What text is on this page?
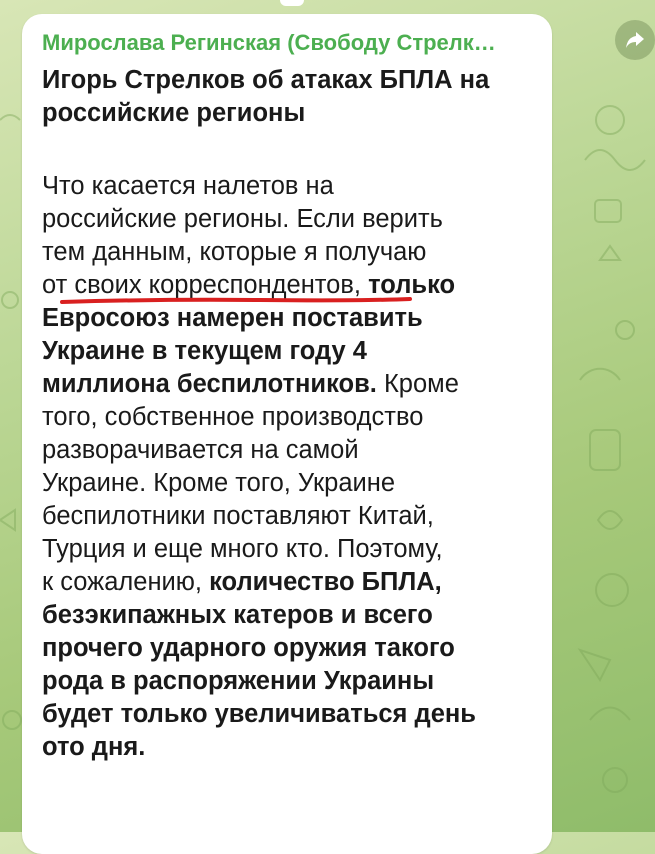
Мирослава Регинская (Свободу Стрелк…

Игорь Стрелков об атаках БПЛА на

российские регионы

Что касается налетов на

российские регионы. Если верить

тем данным, которые я получаю

от своих корреспондентов, только

Евросоюз намерен поставить

Украине в текущем году 4

миллиона беспилотников. Кроме

того, собственное производство

разворачивается на самой

Украине. Кроме того, Украине

беспилотники поставляют Китай,

Турция и еще много кто. Поэтому,

к сожалению, количество БПЛА,

безэкипажных катеров и всего

прочего ударного оружия такого

рода в распоряжении Украины

будет только увеличиваться день

ото дня.
